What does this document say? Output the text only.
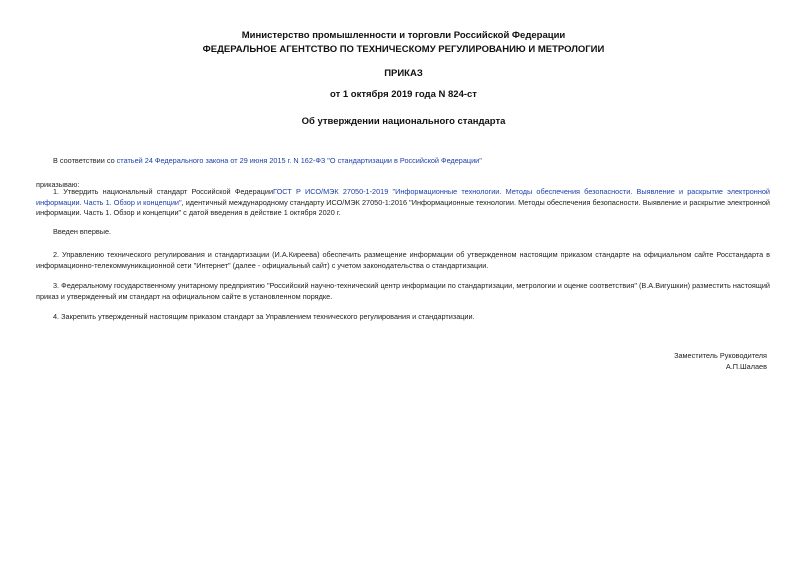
Министерство промышленности и торговли Российской Федерации
ФЕДЕРАЛЬНОЕ АГЕНТСТВО ПО ТЕХНИЧЕСКОМУ РЕГУЛИРОВАНИЮ И МЕТРОЛОГИИ
ПРИКАЗ
от 1 октября 2019 года N 824-ст
Об утверждении национального стандарта

В соответствии со статьей 24 Федерального закона от 29 июня 2015 г. N 162-ФЗ "О стандартизации в Российской Федерации"

приказываю:

1. Утвердить национальный стандарт Российской ФедерацииГОСТ Р ИСО/МЭК 27050-1-2019 "Информационные технологии. Методы обеспечения безопасности. Выявление и раскрытие электронной информации. Часть 1. Обзор и концепции", идентичный международному стандарту ИСО/МЭК 27050-1:2016 "Информационные технологии. Методы обеспечения безопасности. Выявление и раскрытие электронной информации. Часть 1. Обзор и концепции" с датой введения в действие 1 октября 2020 г.

Введен впервые.

2. Управлению технического регулирования и стандартизации (И.А.Киреева) обеспечить размещение информации об утвержденном настоящим приказом стандарте на официальном сайте Росстандарта в информационно-телекоммуникационной сети "Интернет" (далее - официальный сайт) с учетом законодательства о стандартизации.

3. Федеральному государственному унитарному предприятию "Российский научно-технический центр информации по стандартизации, метрологии и оценке соответствия" (В.А.Вигушкин) разместить настоящий приказ и утвержденный им стандарт на официальном сайте в установленном порядке.

4. Закрепить утвержденный настоящим приказом стандарт за Управлением технического регулирования и стандартизации.

Заместитель Руководителя
А.П.Шалаев
